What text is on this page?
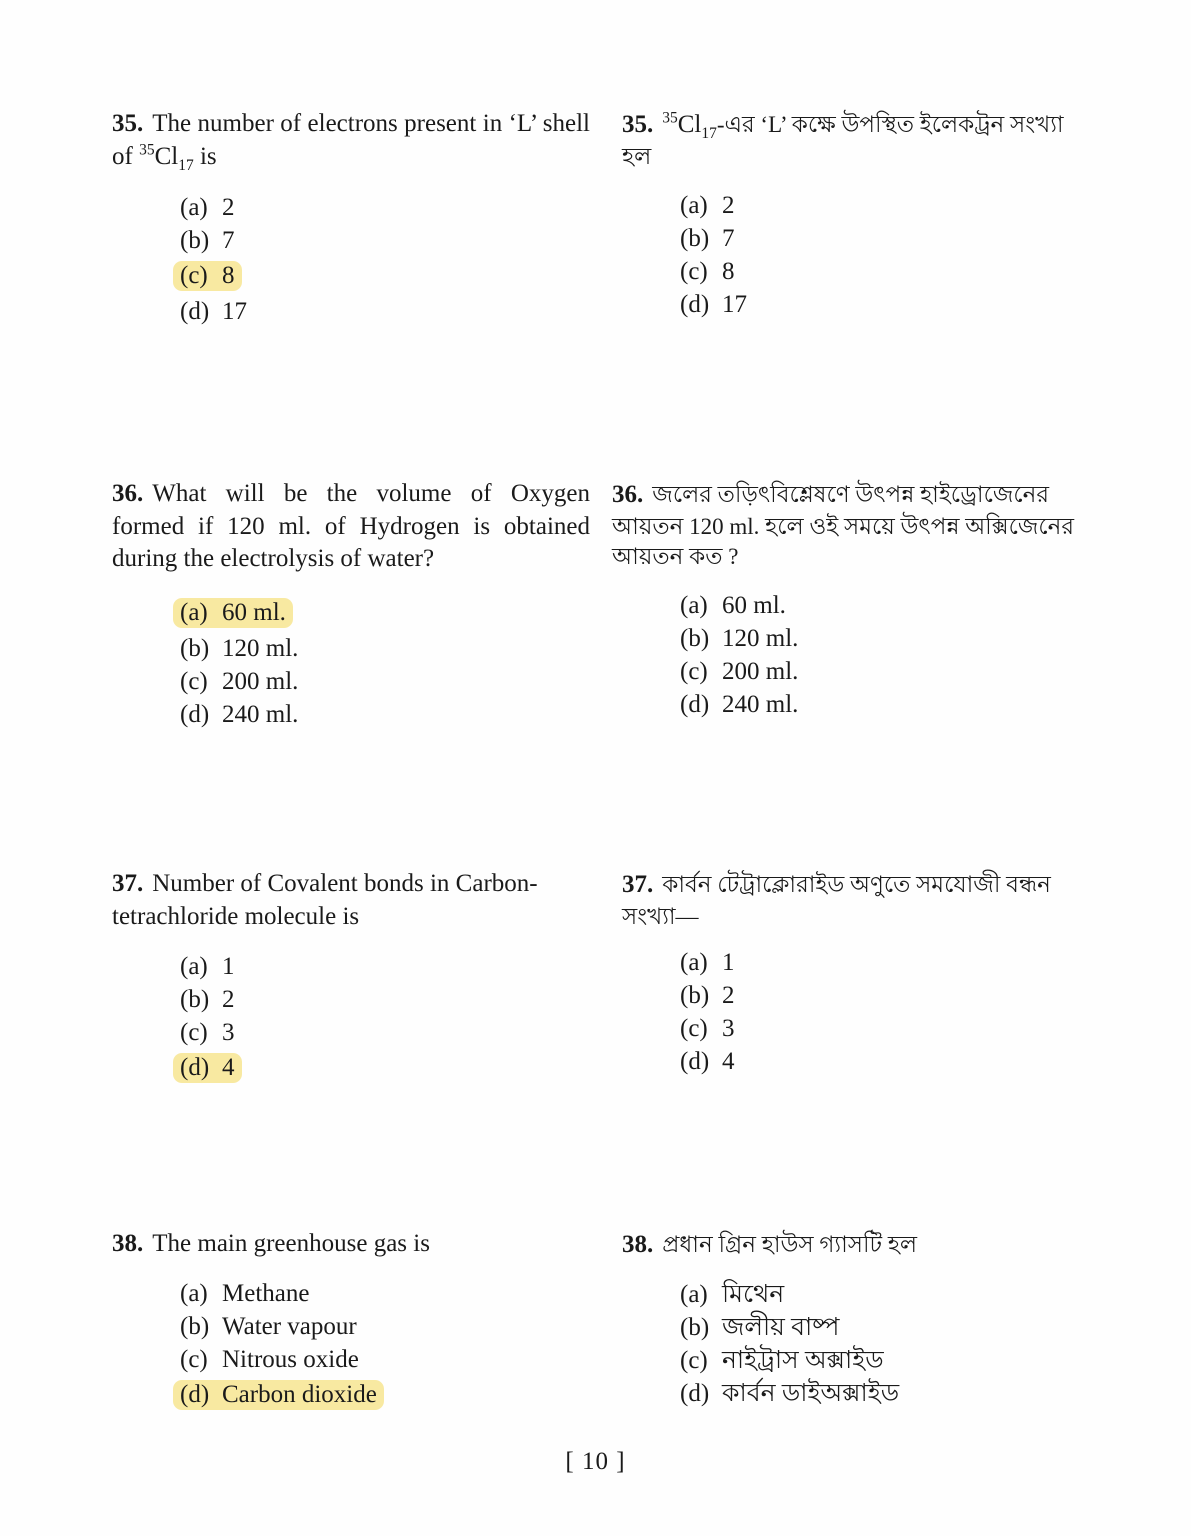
35. The number of electrons present in ‘L’ shell of $^{35}Cl_{17}$ is
(a) 2
(b) 7
(c) 8
(d) 17
35. $^{35}Cl_{17}-এর$ ‘L’ কক্ষে উপস্থিত ইলেকট্রন সংখ্যা হল
(a) 2
(b) 7
(c) 8
(d) 17
36. What will be the volume of Oxygen formed if 120 ml. of Hydrogen is obtained during the electrolysis of water?
(a) 60 ml.
(b) 120 ml.
(c) 200 ml.
(d) 240 ml.
36. জলের তড়িৎবিশ্লেষণে উৎপন্ন হাইড্রোজেনের আয়তন 120 ml. হলে ওই সময়ে উৎপন্ন অক্সিজেনের আয়তন কত ?
(a) 60 ml.
(b) 120 ml.
(c) 200 ml.
(d) 240 ml.
37. Number of Covalent bonds in Carbon-tetrachloride molecule is
(a) 1
(b) 2
(c) 3
(d) 4
37. কার্বন টেট্রাক্লোরাইড অণুতে সমযোজী বন্ধন সংখ্যা—
(a) 1
(b) 2
(c) 3
(d) 4
38. The main greenhouse gas is
(a) Methane
(b) Water vapour
(c) Nitrous oxide
(d) Carbon dioxide
38. প্রধান গ্রিন হাউস গ্যাসটি হল
(a) মিথেন
(b) জলীয় বাষ্প
(c) নাইট্রাস অক্সাইড
(d) কার্বন ডাইঅক্সাইড
[ 10 ]
